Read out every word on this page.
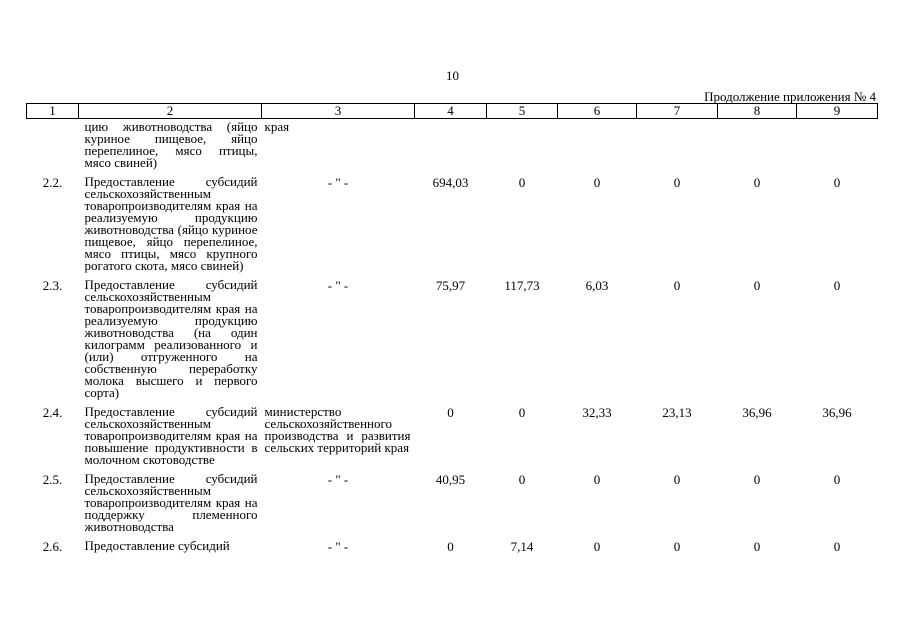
10
Продолжение приложения № 4
1	2	3	4	5	6	7	8	9
	цию животноводства (яйцо куриное пищевое, яйцо перепелиное, мясо птицы, мясо свиней)	края						
2.2.	Предоставление субсидий сельскохозяйственным товаропроизводителям края на реализуемую продукцию животноводства (яйцо куриное пищевое, яйцо перепелиное, мясо птицы, мясо крупного рогатого скота, мясо свиней)	- " -	694,03	0	0	0	0	0
2.3.	Предоставление субсидий сельскохозяйственным товаропроизводителям края на реализуемую продукцию животноводства (на один килограмм реализованного и (или) отгруженного на собственную переработку молока высшего и первого сорта)	- " -	75,97	117,73	6,03	0	0	0
2.4.	Предоставление субсидий сельскохозяйственным товаропроизводителям края на повышение продуктивности в молочном скотоводстве	министерство сельскохозяйственного производства и развития сельских территорий края	0	0	32,33	23,13	36,96	36,96
2.5.	Предоставление субсидий сельскохозяйственным товаропроизводителям края на поддержку племенного животноводства	- " -	40,95	0	0	0	0	0
2.6.	Предоставление субсидий	- " -	0	7,14	0	0	0	0
